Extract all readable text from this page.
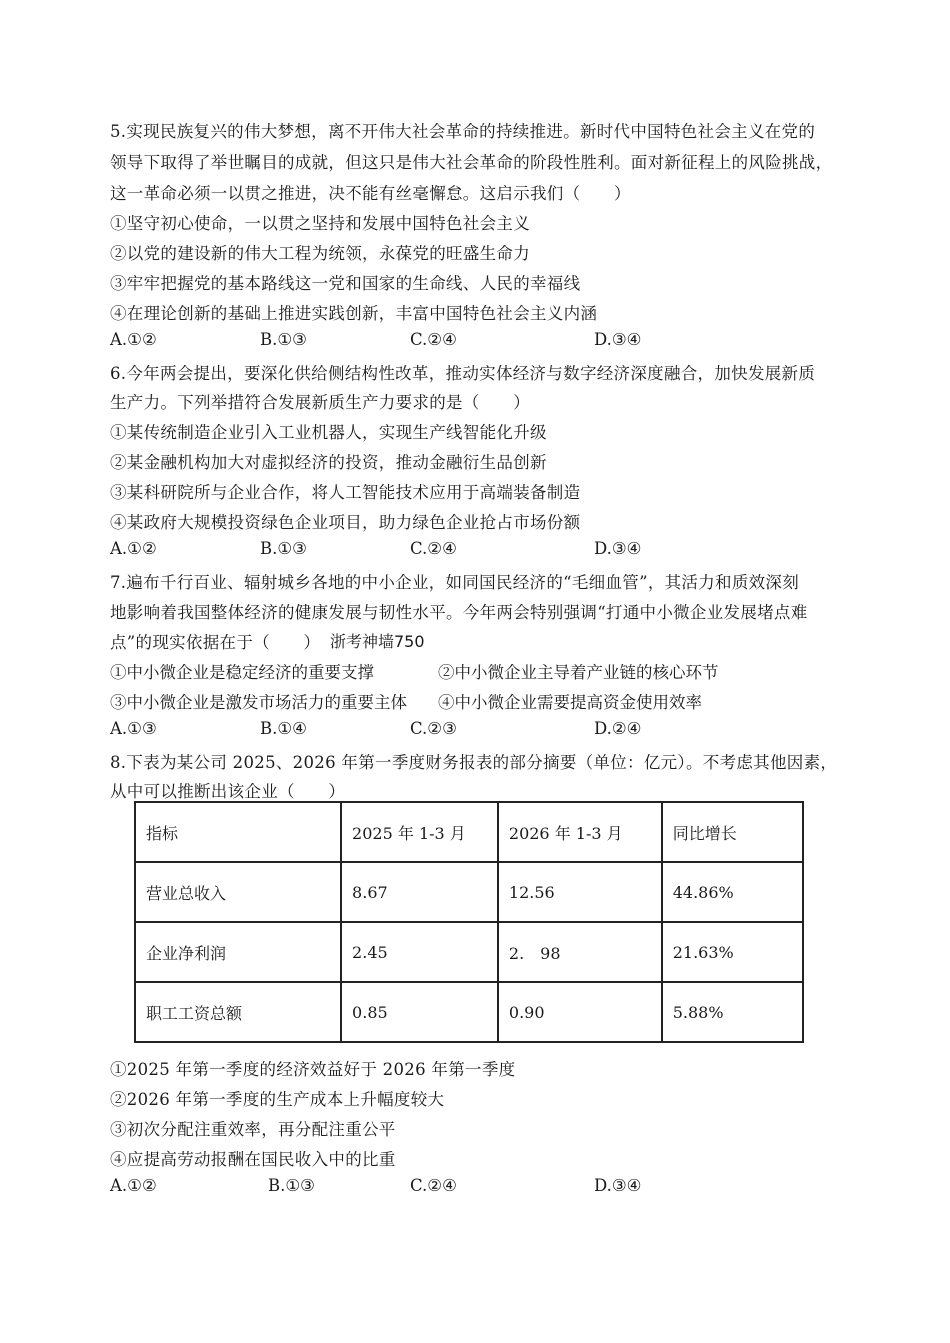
5.实现民族复兴的伟大梦想，离不开伟大社会革命的持续推进。新时代中国特色社会主义在党的
领导下取得了举世瞩目的成就，但这只是伟大社会革命的阶段性胜利。面对新征程上的风险挑战，
这一革命必须一以贯之推进，决不能有丝毫懈怠。这启示我们（　　）
①坚守初心使命，一以贯之坚持和发展中国特色社会主义
②以党的建设新的伟大工程为统领，永葆党的旺盛生命力
③牢牢把握党的基本路线这一党和国家的生命线、人民的幸福线
④在理论创新的基础上推进实践创新，丰富中国特色社会主义内涵
A.①②	B.①③	C.②④	D.③④
6.今年两会提出，要深化供给侧结构性改革，推动实体经济与数字经济深度融合，加快发展新质
生产力。下列举措符合发展新质生产力要求的是（　　）
①某传统制造企业引入工业机器人，实现生产线智能化升级
②某金融机构加大对虚拟经济的投资，推动金融衍生品创新
③某科研院所与企业合作，将人工智能技术应用于高端装备制造
④某政府大规模投资绿色企业项目，助力绿色企业抢占市场份额
A.①②	B.①③	C.②④	D.③④
7.遍布千行百业、辐射城乡各地的中小企业，如同国民经济的“毛细血管”，其活力和质效深刻
地影响着我国整体经济的健康发展与韧性水平。今年两会特别强调“打通中小微企业发展堵点难
点”的现实依据在于（　　） 浙考神墙750
①中小微企业是稳定经济的重要支撑	②中小微企业主导着产业链的核心环节
③中小微企业是激发市场活力的重要主体 ④中小微企业需要提高资金使用效率
A.①③	B.①④	C.②③	D.②④
8.下表为某公司 2025、2026 年第一季度财务报表的部分摘要（单位：亿元）。不考虑其他因素，
从中可以推断出该企业（　　）
指标	2025 年 1-3 月	2026 年 1-3 月	同比增长
营业总收入	8.67	12.56	44.86%
企业净利润	2.45	2.　98	21.63%
职工工资总额	0.85	0.90	5.88%
①2025 年第一季度的经济效益好于 2026 年第一季度
②2026 年第一季度的生产成本上升幅度较大
③初次分配注重效率，再分配注重公平
④应提高劳动报酬在国民收入中的比重
A.①②	B.①③	C.②④	D.③④
